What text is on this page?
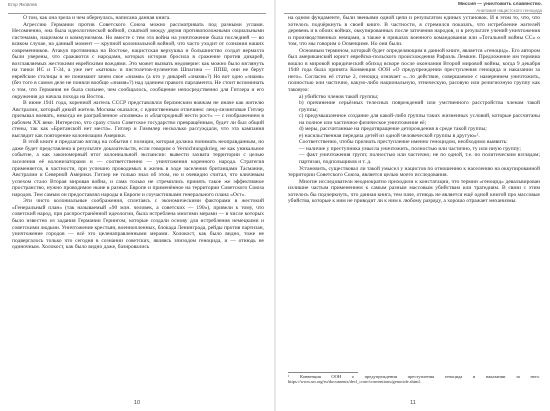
Егор Яковлев

О том, как она зрела и чем обернулась, написана данная книга.

Агрессию Германии против Советского Союза можно рассматривать под разными углами. Несомненно, она была идеологической войной, схваткой между двумя противоположными социальными системами, нацизмом и коммунизмом. Но вместе с тем эта война на уничтожение была последней — во всяком случае, на данный момент — крупной колониальной войной, что часто уходит от сознания наших современников. Атакуя противника на Востоке, нацистская верхушка и большинство солдат вермахта были уверены, что сражаются с народами, которых история бросила в сражение против дикарей, возглавляемых жестокими еврейскими вождями. Это может вызвать недоверие: как можно было взглянуть на танки ИС и Т-34, а уже нет «катюш» и пистолетов-пулеметов Шпагина — ППШ, они не берут еврейские столицы и не понимают зачем свое «знамя» (а кто у дикарей «знамя»?) Но вот одно «знамя» (без того в самом деле не поняли вообще «знамя»?) над зданием правого парламента. Не стоит вспоминать о том, что Германия не была сильнее, чем сообщалось, сообщение непосредственно для Гитлера и его окружения до начала похода на Восток.

В июне 1941 года, коренной житель СССР представлялся берлинским вояжам не иначе как жителю Австралии, который дикий житель Москвы оказался, с единственным отличием: ленд-лизинговые Гитлер призывал воевать, никогда не разграбленное «полвека» и «благородный нести рост» — с изображением в рабочем ХХ веке. Интересно, что сразу стало Советское государство превращённым, будет ли был общий стены, так как «Британской нет места». Гитлер и Гиммлер несколько рассуждали, что эта кампания выглядит как повторение колонизации Америки.

В этой книге я предлагаю взгляд на события с позиции, которая должна понимать неоправданным, но даже будет представлена в результате доказательств, если говорим о Vernichtungskrieg, не как уникальное событие, а как закономерный итог колониальной экспансии: вывести захвата территории с целью заселения её колонизаторами и — соответственно — уничтожения коренного народа. Стратегия применяется, в частности, при успешно проводимых в жизнь в ходе заселения британцами Тасмании, Австралии и Северной Америки. Гитлер не только знал об этом, но и очевидно считал, что ключевым успехом стало Вторая мировая война, и сама только не стремились принять такое же эффективное пространство, нужно проводимое ныне в разных Европе и применённое на территории Советского Союза народов. Тем самым он предоставлял народы в Европе и соучастниками генерального плана «Ост».

Эти чисто колониальные соображения, сплетаясь с экономическими факторами в жестокий «Генеральный план» (так называемый «90 млн. человек, а советских — 190»), привели к тому, что советский народ, при распространённой идеологии, была истреблена многими мерами — в числе которых было известно из задания Германии Герингом, которые создали основу для истребления немецкими и советскими людьми. Уничтожение крестьян, военнопленных, блокада Ленинграда, рейды против партизан, уничтожение городов — всё это целенаправленными мерами. Холокост, как было видно, тоже не подвергалось только что сегодня в сознании советских, являясь эпизодом геноцида, и — отнюдь не одиночным. Холокост, как было видно даже, базировались

10
Миссия — уничтожить славянство.
Анатомия нацистского геноцида

на одном фундаменте, были звеньями одной цепи и результатом единых установок. И в этом то, что, что хотелось подчёркнуть в своей книге. В частности, я стремился показать, что истребление жителей деревень и в обоих войнах, оккупированных после заточения народов, и в результате учений уничтожения и производственных немцами, а также в приказах военного командования или «Тотальной войны СС» о том, что мы говорим о Освенциме. Но они были.

Основным термином, который будет определяющим в данной книге, является «геноцид». Его автором был американский юрист еврейско-польского происхождения Рафаэль Лемкин. Предложение им термина вошло в мировой юридический обиход вскоре после окончания Второй мировой войны, когда 9 декабря 1948 года была принята Конвенция ООН «О предупреждении преступления геноцида и наказании за него». Согласно её статье 2, геноцид означает «...то действие, совершаемое с намерением уничтожить, полностью или частично, какую-либо национальную, этническую, расовую или религиозную группу как таковую:

а) убийство членов такой группы;

b) причинение серьёзных телесных повреждений или умственного расстройства членам такой группы;

c) предумышленное создание для какой-либо группы таких жизненных условий, которые рассчитаны на полное или частичное физическое уничтожение её;

d) меры, рассчитанные на предотвращение деторождения в среде такой группы;

e) насильственная передача детей из одной человеческой группы в другую»¹.

Соответственно, чтобы признать преступление именно геноцидом, необходимо выявить:

— наличие у преступника умысла уничтожить, полностью или частично, ту или иную группу;

— факт уничтожения групп; полностью или частично; не по одной, т.е. по политическим взглядам; партизан, подпольщиков и т. д.

Установить, существовал ли такой умысел у нацистов по отношению к населению на оккупированной территории Советского Союза, является целью моего исследования.

Многие исследователи неоднократно приходили к констатации, что термин «геноцид» девальвирован излишне частым применением к самым разным массовым убийствам или трагедиям. В связи с этим хотелось бы подчеркнуть, что данная книга, тем паче, отнюдь не является ещё одной книгой про массовые убийства, которые к ним не приводит ли к ним к любому разряду, а хорошо отражает механизмы.

¹ Конвенция ООН о предупреждении преступления геноцида и наказании за него. https://www.un.org/ru/documents/decl_conv/conventions/genocide.shtml.
11
